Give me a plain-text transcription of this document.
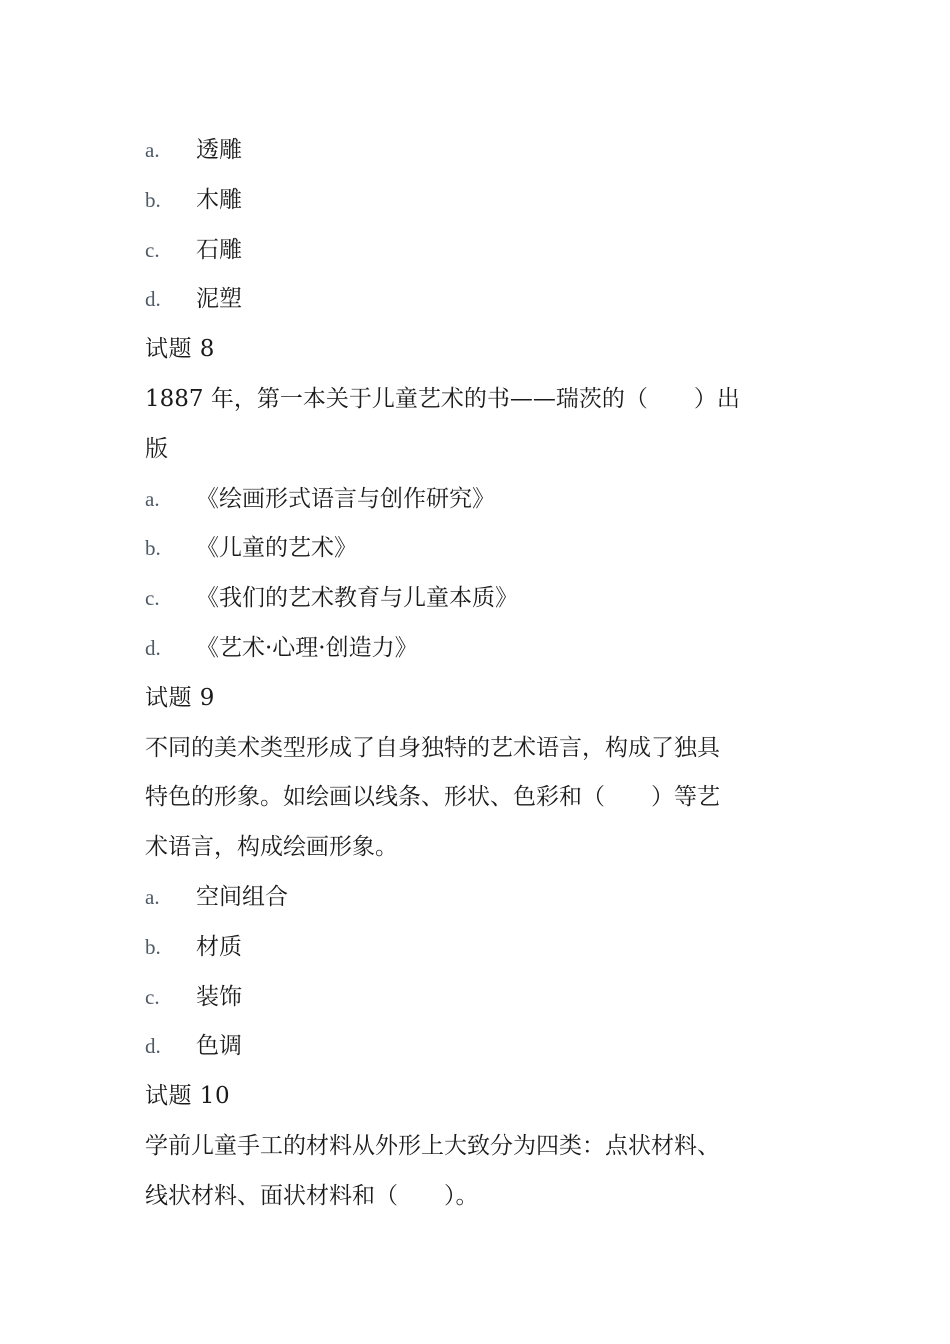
a.	透雕
b.	木雕
c.	石雕
d.	泥塑
试题 8
1887 年，第一本关于儿童艺术的书——瑞茨的（　　）出
版
a.	《绘画形式语言与创作研究》
b.	《儿童的艺术》
c.	《我们的艺术教育与儿童本质》
d.	《艺术·心理·创造力》
试题 9
不同的美术类型形成了自身独特的艺术语言，构成了独具
特色的形象。如绘画以线条、形状、色彩和（　　）等艺
术语言，构成绘画形象。
a.	空间组合
b.	材质
c.	装饰
d.	色调
试题 10
学前儿童手工的材料从外形上大致分为四类：点状材料、
线状材料、面状材料和（　　）。
